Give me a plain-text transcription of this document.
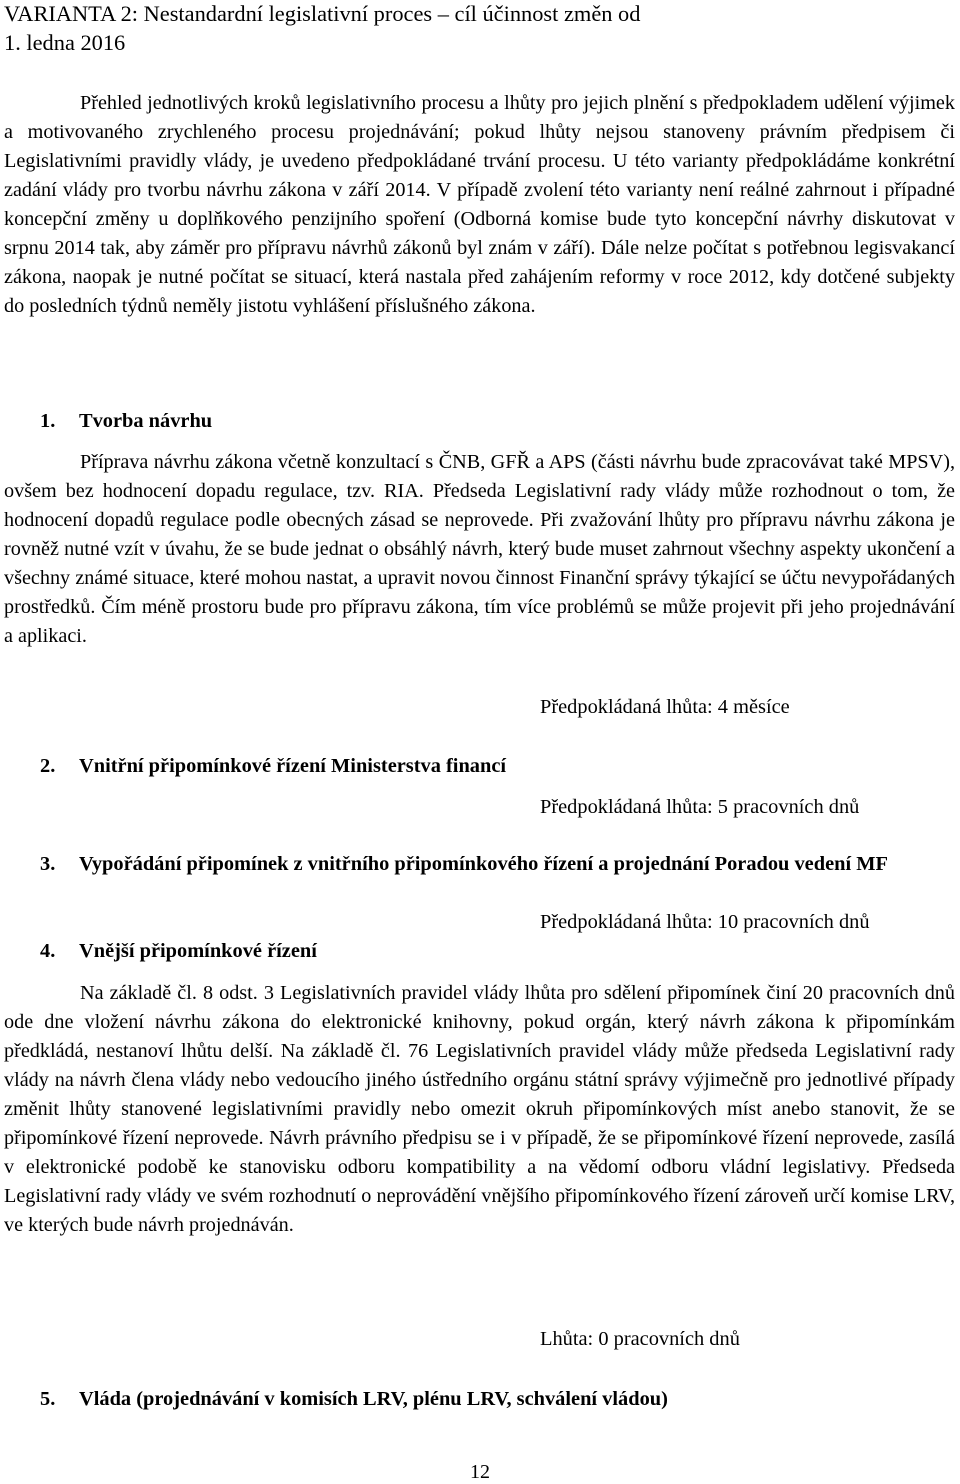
VARIANTA 2: Nestandardní legislativní proces – cíl účinnost změn od
1. ledna 2016

Přehled jednotlivých kroků legislativního procesu a lhůty pro jejich plnění s předpokladem udělení výjimek a motivovaného zrychleného procesu projednávání; pokud lhůty nejsou stanoveny právním předpisem či Legislativními pravidly vlády, je uvedeno předpokládané trvání procesu. U této varianty předpokládáme konkrétní zadání vlády pro tvorbu návrhu zákona v září 2014. V případě zvolení této varianty není reálné zahrnout i případné koncepční změny u doplňkového penzijního spoření (Odborná komise bude tyto koncepční návrhy diskutovat v srpnu 2014 tak, aby záměr pro přípravu návrhů zákonů byl znám v září). Dále nelze počítat s potřebnou legisvakancí zákona, naopak je nutné počítat se situací, která nastala před zahájením reformy v roce 2012, kdy dotčené subjekty do posledních týdnů neměly jistotu vyhlášení příslušného zákona.

1. Tvorba návrhu

Příprava návrhu zákona včetně konzultací s ČNB, GFŘ a APS (části návrhu bude zpracovávat také MPSV), ovšem bez hodnocení dopadu regulace, tzv. RIA. Předseda Legislativní rady vlády může rozhodnout o tom, že hodnocení dopadů regulace podle obecných zásad se neprovede. Při zvažování lhůty pro přípravu návrhu zákona je rovněž nutné vzít v úvahu, že se bude jednat o obsáhlý návrh, který bude muset zahrnout všechny aspekty ukončení a všechny známé situace, které mohou nastat, a upravit novou činnost Finanční správy týkající se účtu nevypořádaných prostředků. Čím méně prostoru bude pro přípravu zákona, tím více problémů se může projevit při jeho projednávání a aplikaci.

Předpokládaná lhůta: 4 měsíce
2. Vnitřní připomínkové řízení Ministerstva financí
Předpokládaná lhůta: 5 pracovních dnů
3. Vypořádání připomínek z vnitřního připomínkového řízení a projednání Poradou vedení MF
Předpokládaná lhůta: 10 pracovních dnů
4. Vnější připomínkové řízení

Na základě čl. 8 odst. 3 Legislativních pravidel vlády lhůta pro sdělení připomínek činí 20 pracovních dnů ode dne vložení návrhu zákona do elektronické knihovny, pokud orgán, který návrh zákona k připomínkám předkládá, nestanoví lhůtu delší. Na základě čl. 76 Legislativních pravidel vlády může předseda Legislativní rady vlády na návrh člena vlády nebo vedoucího jiného ústředního orgánu státní správy výjimečně pro jednotlivé případy změnit lhůty stanovené legislativními pravidly nebo omezit okruh připomínkových míst anebo stanovit, že se připomínkové řízení neprovede. Návrh právního předpisu se i v případě, že se připomínkové řízení neprovede, zasílá v elektronické podobě ke stanovisku odboru kompatibility a na vědomí odboru vládní legislativy. Předseda Legislativní rady vlády ve svém rozhodnutí o neprovádění vnějšího připomínkového řízení zároveň určí komise LRV, ve kterých bude návrh projednáván.

Lhůta: 0 pracovních dnů
5. Vláda (projednávání v komisích LRV, plénu LRV, schválení vládou)
12
